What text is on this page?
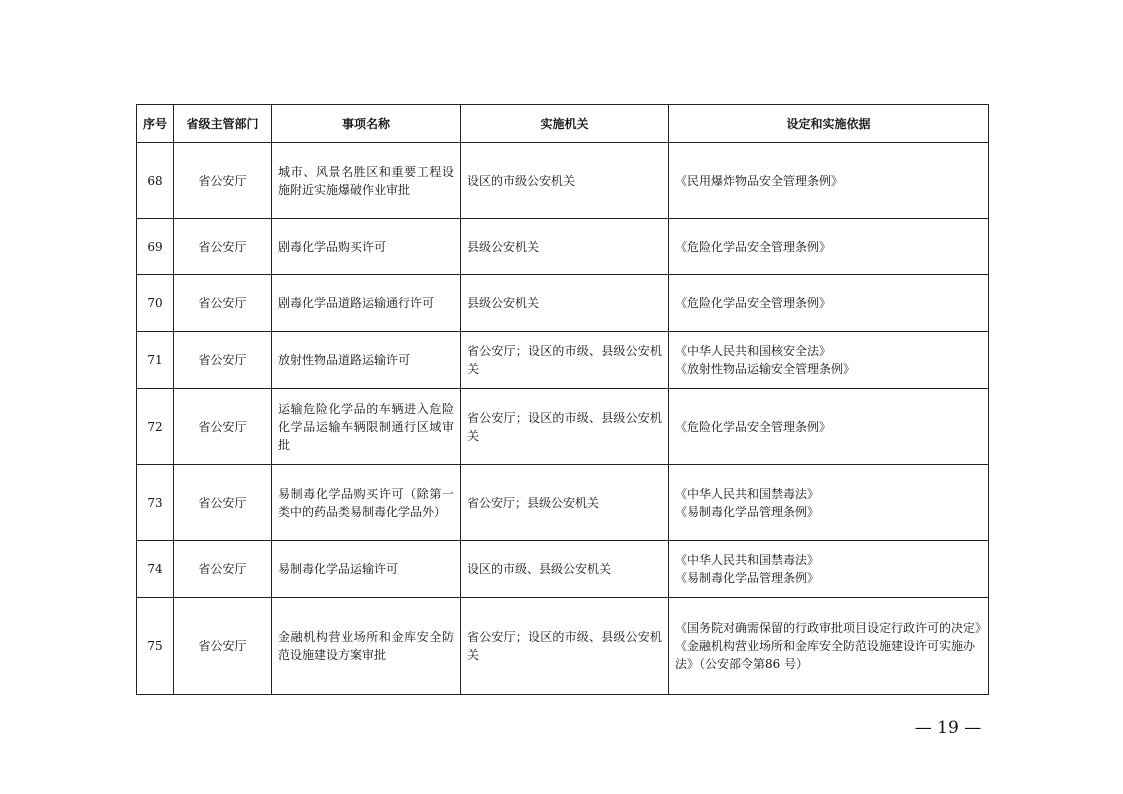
序号	省级主管部门	事项名称	实施机关	设定和实施依据
68	省公安厅	城市、风景名胜区和重要工程设施附近实施爆破作业审批	设区的市级公安机关	《民用爆炸物品安全管理条例》

69	省公安厅	剧毒化学品购买许可	县级公安机关	《危险化学品安全管理条例》

70	省公安厅	剧毒化学品道路运输通行许可	县级公安机关	《危险化学品安全管理条例》

71	省公安厅	放射性物品道路运输许可	省公安厅；设区的市级、县级公安机关	《中华人民共和国核安全法》
《放射性物品运输安全管理条例》

72	省公安厅	运输危险化学品的车辆进入危险化学品运输车辆限制通行区域审批	省公安厅；设区的市级、县级公安机关	《危险化学品安全管理条例》

73	省公安厅	易制毒化学品购买许可（除第一类中的药品类易制毒化学品外）	省公安厅；县级公安机关	《中华人民共和国禁毒法》
《易制毒化学品管理条例》

74	省公安厅	易制毒化学品运输许可	设区的市级、县级公安机关	《中华人民共和国禁毒法》
《易制毒化学品管理条例》

75	省公安厅	金融机构营业场所和金库安全防范设施建设方案审批	省公安厅；设区的市级、县级公安机关	《国务院对确需保留的行政审批项目设定行政许可的决定》
《金融机构营业场所和金库安全防范设施建设许可实施办法》（公安部令第86 号）
— 19 —
